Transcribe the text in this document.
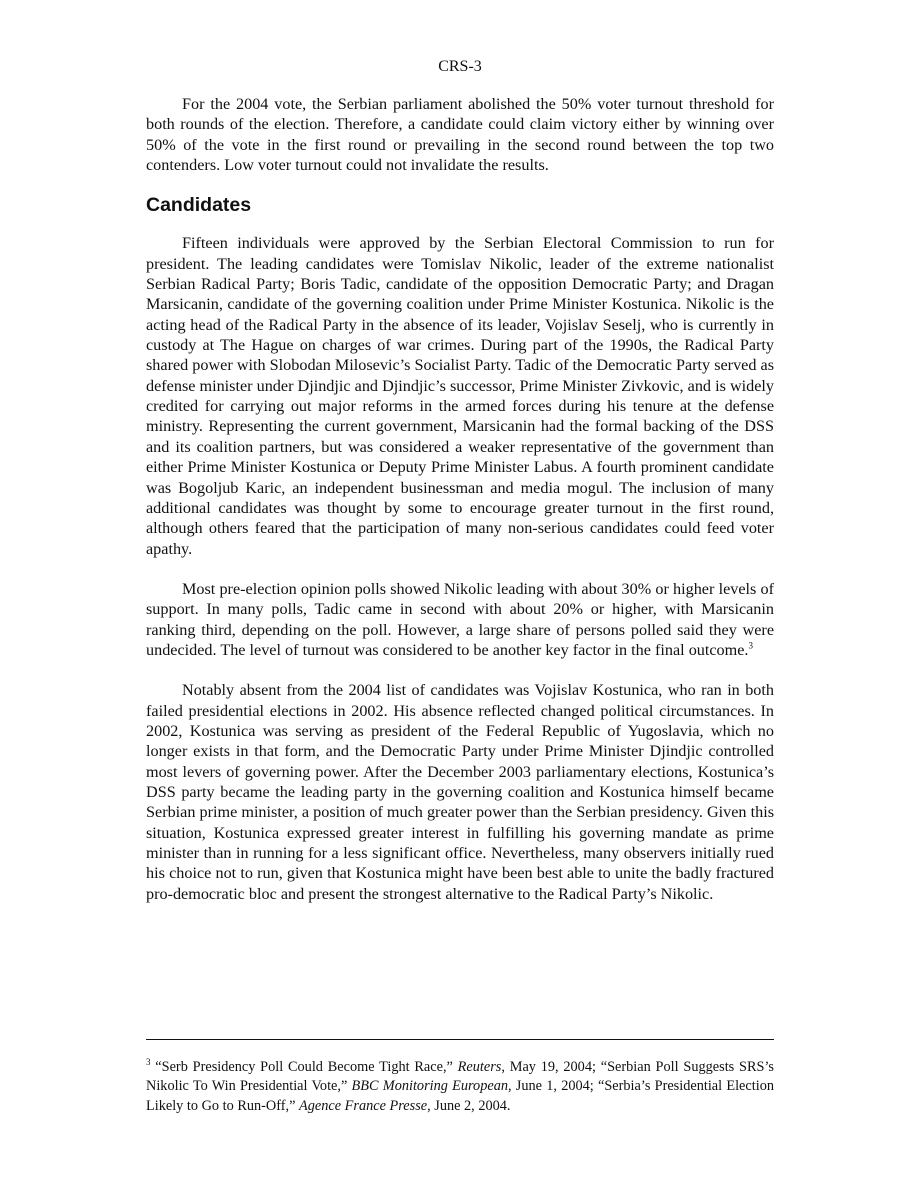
CRS-3

For the 2004 vote, the Serbian parliament abolished the 50% voter turnout threshold for both rounds of the election. Therefore, a candidate could claim victory either by winning over 50% of the vote in the first round or prevailing in the second round between the top two contenders. Low voter turnout could not invalidate the results.

Candidates

Fifteen individuals were approved by the Serbian Electoral Commission to run for president. The leading candidates were Tomislav Nikolic, leader of the extreme nationalist Serbian Radical Party; Boris Tadic, candidate of the opposition Democratic Party; and Dragan Marsicanin, candidate of the governing coalition under Prime Minister Kostunica. Nikolic is the acting head of the Radical Party in the absence of its leader, Vojislav Seselj, who is currently in custody at The Hague on charges of war crimes. During part of the 1990s, the Radical Party shared power with Slobodan Milosevic’s Socialist Party. Tadic of the Democratic Party served as defense minister under Djindjic and Djindjic’s successor, Prime Minister Zivkovic, and is widely credited for carrying out major reforms in the armed forces during his tenure at the defense ministry. Representing the current government, Marsicanin had the formal backing of the DSS and its coalition partners, but was considered a weaker representative of the government than either Prime Minister Kostunica or Deputy Prime Minister Labus. A fourth prominent candidate was Bogoljub Karic, an independent businessman and media mogul. The inclusion of many additional candidates was thought by some to encourage greater turnout in the first round, although others feared that the participation of many non-serious candidates could feed voter apathy.

Most pre-election opinion polls showed Nikolic leading with about 30% or higher levels of support. In many polls, Tadic came in second with about 20% or higher, with Marsicanin ranking third, depending on the poll. However, a large share of persons polled said they were undecided. The level of turnout was considered to be another key factor in the final outcome.$^3$

Notably absent from the 2004 list of candidates was Vojislav Kostunica, who ran in both failed presidential elections in 2002. His absence reflected changed political circumstances. In 2002, Kostunica was serving as president of the Federal Republic of Yugoslavia, which no longer exists in that form, and the Democratic Party under Prime Minister Djindjic controlled most levers of governing power. After the December 2003 parliamentary elections, Kostunica’s DSS party became the leading party in the governing coalition and Kostunica himself became Serbian prime minister, a position of much greater power than the Serbian presidency. Given this situation, Kostunica expressed greater interest in fulfilling his governing mandate as prime minister than in running for a less significant office. Nevertheless, many observers initially rued his choice not to run, given that Kostunica might have been best able to unite the badly fractured pro-democratic bloc and present the strongest alternative to the Radical Party’s Nikolic.

$^3$ “Serb Presidency Poll Could Become Tight Race,” Reuters, May 19, 2004; “Serbian Poll Suggests SRS’s Nikolic To Win Presidential Vote,” BBC Monitoring European, June 1, 2004; “Serbia’s Presidential Election Likely to Go to Run-Off,” Agence France Presse, June 2, 2004.
